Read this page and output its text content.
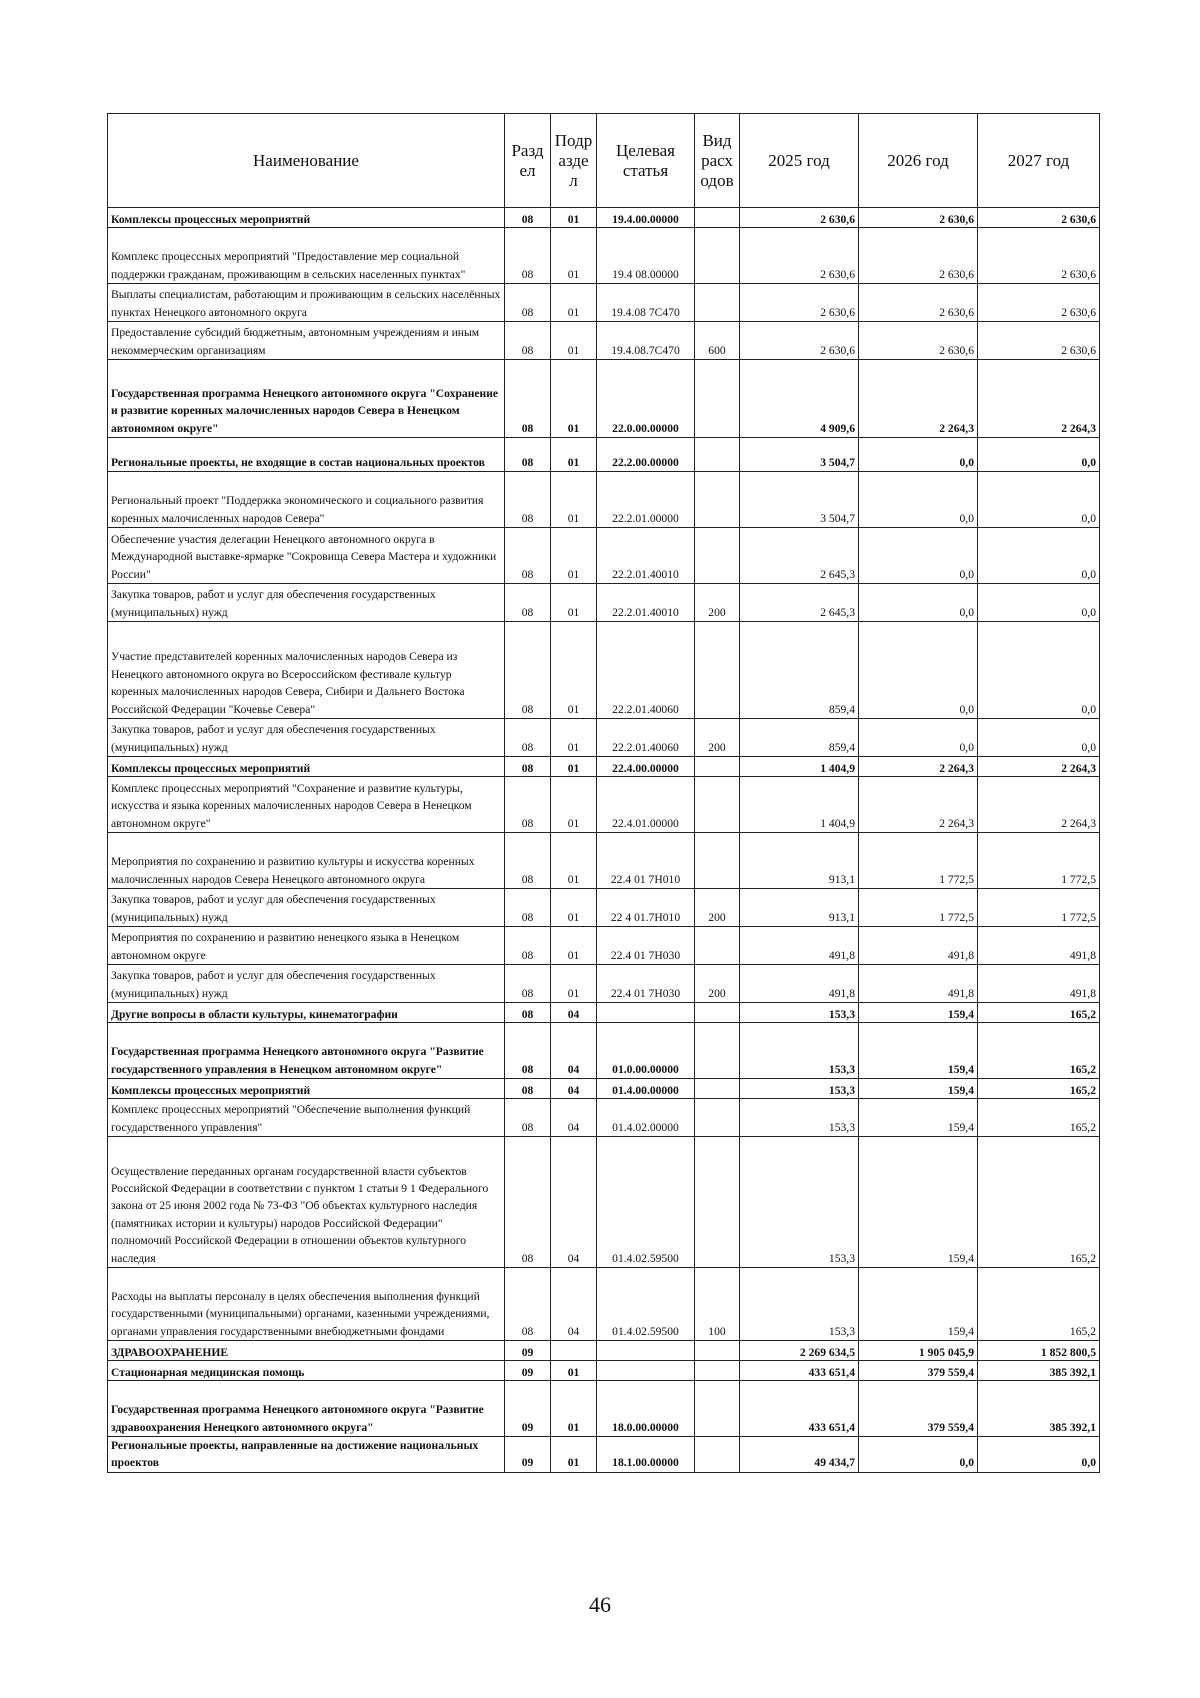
Наименование	Разд ел	Подр азде л	Целевая статья	Вид расх одов	2025 год	2026 год	2027 год
Комплексы процессных мероприятий	08	01	19.4.00.00000		2 630,6	2 630,6	2 630,6
Комплекс процессных мероприятий "Предоставление мер социальной поддержки гражданам, проживающим в сельских населенных пунктах"	08	01	19.4 08.00000		2 630,6	2 630,6	2 630,6
Выплаты специалистам, работающим и проживающим в сельских населённых пунктах Ненецкого автономного округа	08	01	19.4.08 7С470		2 630,6	2 630,6	2 630,6
Предоставление субсидий бюджетным, автономным учреждениям и иным некоммерческим организациям	08	01	19.4.08.7С470	600	2 630,6	2 630,6	2 630,6
Государственная программа Ненецкого автономного округа "Сохранение и развитие коренных малочисленных народов Севера в Ненецком автономном округе"	08	01	22.0.00.00000		4 909,6	2 264,3	2 264,3
Региональные проекты, не входящие в состав национальных проектов	08	01	22.2.00.00000		3 504,7	0,0	0,0
Региональный проект "Поддержка экономического и социального развития коренных малочисленных народов Севера"	08	01	22.2.01.00000		3 504,7	0,0	0,0
Обеспечение участия делегации Ненецкого автономного округа в Международной выставке-ярмарке "Сокровища Севера Мастера и художники России"	08	01	22.2.01.40010		2 645,3	0,0	0,0
Закупка товаров, работ и услуг для обеспечения государственных (муниципальных) нужд	08	01	22.2.01.40010	200	2 645,3	0,0	0,0
Участие представителей коренных малочисленных народов Севера из Ненецкого автономного округа во Всероссийском фестивале культур коренных малочисленных народов Севера, Сибири и Дальнего Востока Российской Федерации "Кочевье Севера"	08	01	22.2.01.40060		859,4	0,0	0,0
Закупка товаров, работ и услуг для обеспечения государственных (муниципальных) нужд	08	01	22.2.01.40060	200	859,4	0,0	0,0
Комплексы процессных мероприятий	08	01	22.4.00.00000		1 404,9	2 264,3	2 264,3
Комплекс процессных мероприятий "Сохранение и развитие культуры, искусства и языка коренных малочисленных народов Севера в Ненецком автономном округе"	08	01	22.4.01.00000		1 404,9	2 264,3	2 264,3
Мероприятия по сохранению и развитию культуры и искусства коренных малочисленных народов Севера Ненецкого автономного округа	08	01	22.4 01 7Н010		913,1	1 772,5	1 772,5
Закупка товаров, работ и услуг для обеспечения государственных (муниципальных) нужд	08	01	22 4 01.7Н010	200	913,1	1 772,5	1 772,5
Мероприятия по сохранению и развитию ненецкого языка в Ненецком автономном округе	08	01	22.4 01 7Н030		491,8	491,8	491,8
Закупка товаров, работ и услуг для обеспечения государственных (муниципальных) нужд	08	01	22.4 01 7Н030	200	491,8	491,8	491,8
Другие вопросы в области культуры, кинематографии	08	04			153,3	159,4	165,2
Государственная программа Ненецкого автономного округа "Развитие государственного управления в Ненецком автономном округе"	08	04	01.0.00.00000		153,3	159,4	165,2
Комплексы процессных мероприятий	08	04	01.4.00.00000		153,3	159,4	165,2
Комплекс процессных мероприятий "Обеспечение выполнения функций государственного управления"	08	04	01.4.02.00000		153,3	159,4	165,2
Осуществление переданных органам государственной власти субъектов Российской Федерации в соответствии с пунктом 1 статьи 9 1 Федерального закона от 25 июня 2002 года № 73-ФЗ "Об объектах культурного наследия (памятниках истории и культуры) народов Российской Федерации" полномочий Российской Федерации в отношении объектов культурного наследия	08	04	01.4.02.59500		153,3	159,4	165,2
Расходы на выплаты персоналу в целях обеспечения выполнения функций государственными (муниципальными) органами, казенными учреждениями, органами управления государственными внебюджетными фондами	08	04	01.4.02.59500	100	153,3	159,4	165,2
ЗДРАВООХРАНЕНИЕ	09				2 269 634,5	1 905 045,9	1 852 800,5
Стационарная медицинская помощь	09	01			433 651,4	379 559,4	385 392,1
Государственная программа Ненецкого автономного округа "Развитие здравоохранения Ненецкого автономного округа"	09	01	18.0.00.00000		433 651,4	379 559,4	385 392,1
Региональные проекты, направленные на достижение национальных проектов	09	01	18.1.00.00000		49 434,7	0,0	0,0
46
